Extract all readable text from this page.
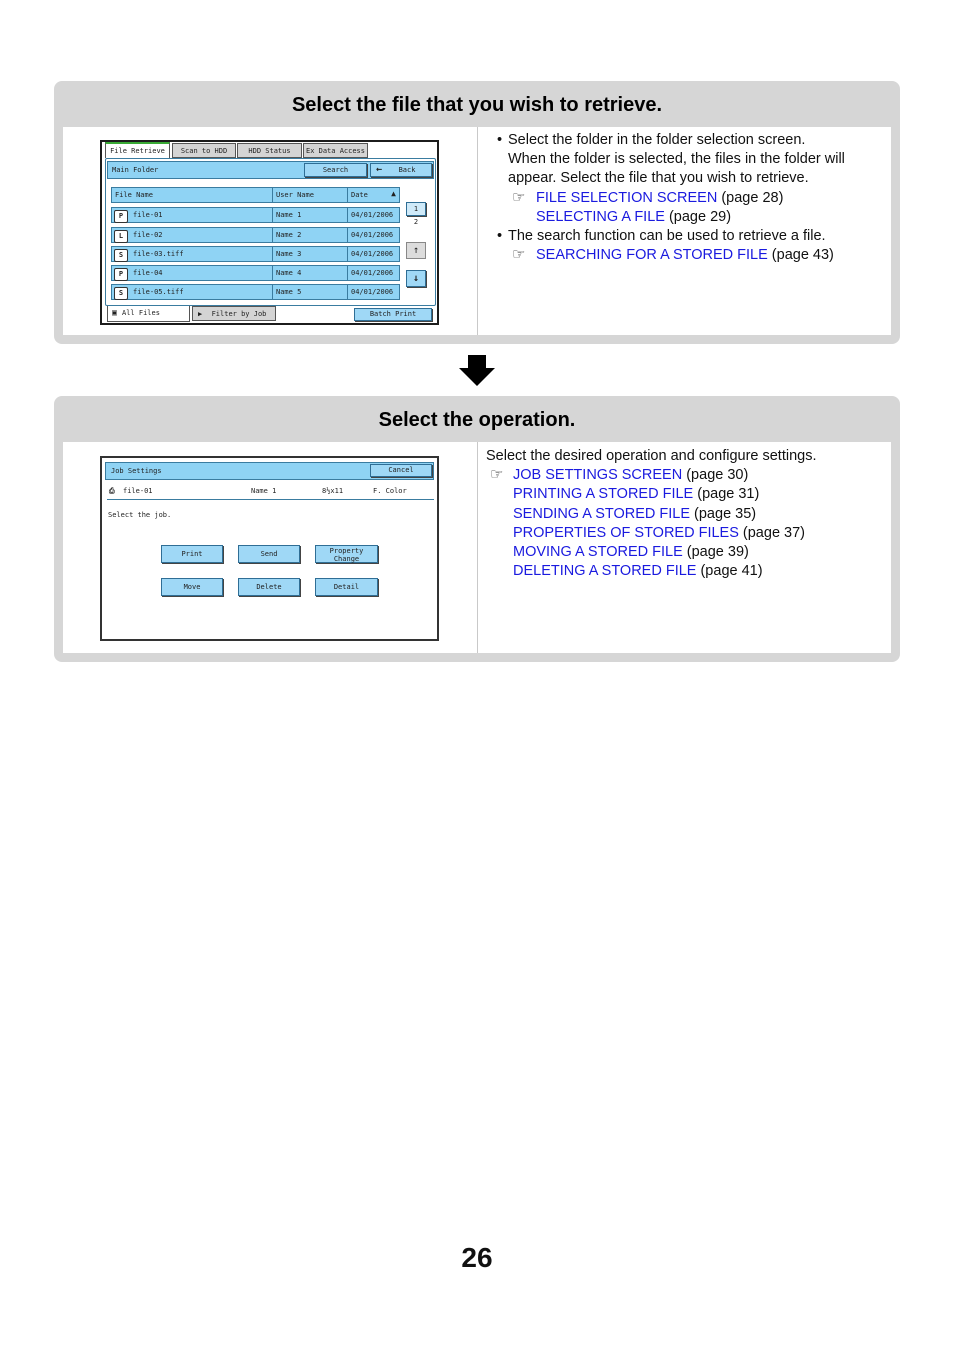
Select the file that you wish to retrieve.
File Retrieve	Scan to HDD	HDD Status	Ex Data Access
Main Folder	Search	← Back
File Name	User Name	Date	▲
P	file-01	Name 1	04/01/2006
L	file-02	Name 2	04/01/2006
S	file-03.tiff	Name 3	04/01/2006
P	file-04	Name 4	04/01/2006
S	file-05.tiff	Name 5	04/01/2006
1
2
↑
↓
▣ All Files	▶ Filter by Job	Batch Print
• Select the folder in the folder selection screen.
When the folder is selected, the files in the folder will
appear. Select the file that you wish to retrieve.
☞ FILE SELECTION SCREEN (page 28)
SELECTING A FILE (page 29)
• The search function can be used to retrieve a file.
☞ SEARCHING FOR A STORED FILE (page 43)
Select the operation.
Job Settings	Cancel
⎙ file-01	Name 1	8½x11	F. Color
Select the job.
Print	Send	Property
Change
Move	Delete	Detail
Select the desired operation and configure settings.
☞ JOB SETTINGS SCREEN (page 30)
PRINTING A STORED FILE (page 31)
SENDING A STORED FILE (page 35)
PROPERTIES OF STORED FILES (page 37)
MOVING A STORED FILE (page 39)
DELETING A STORED FILE (page 41)
26
